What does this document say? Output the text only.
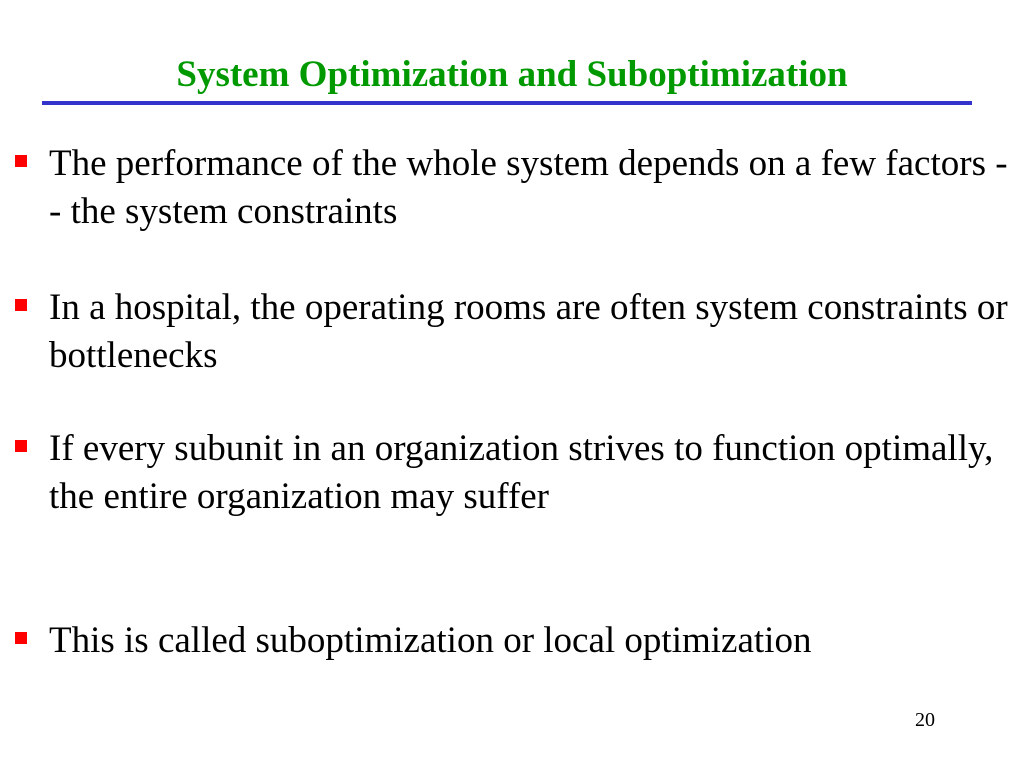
System Optimization and Suboptimization
The performance of the whole system depends on a few factors - - the system constraints
In a hospital, the operating rooms are often system constraints or bottlenecks
If every subunit in an organization strives to function optimally, the entire organization may suffer
This is called suboptimization or local optimization
20
